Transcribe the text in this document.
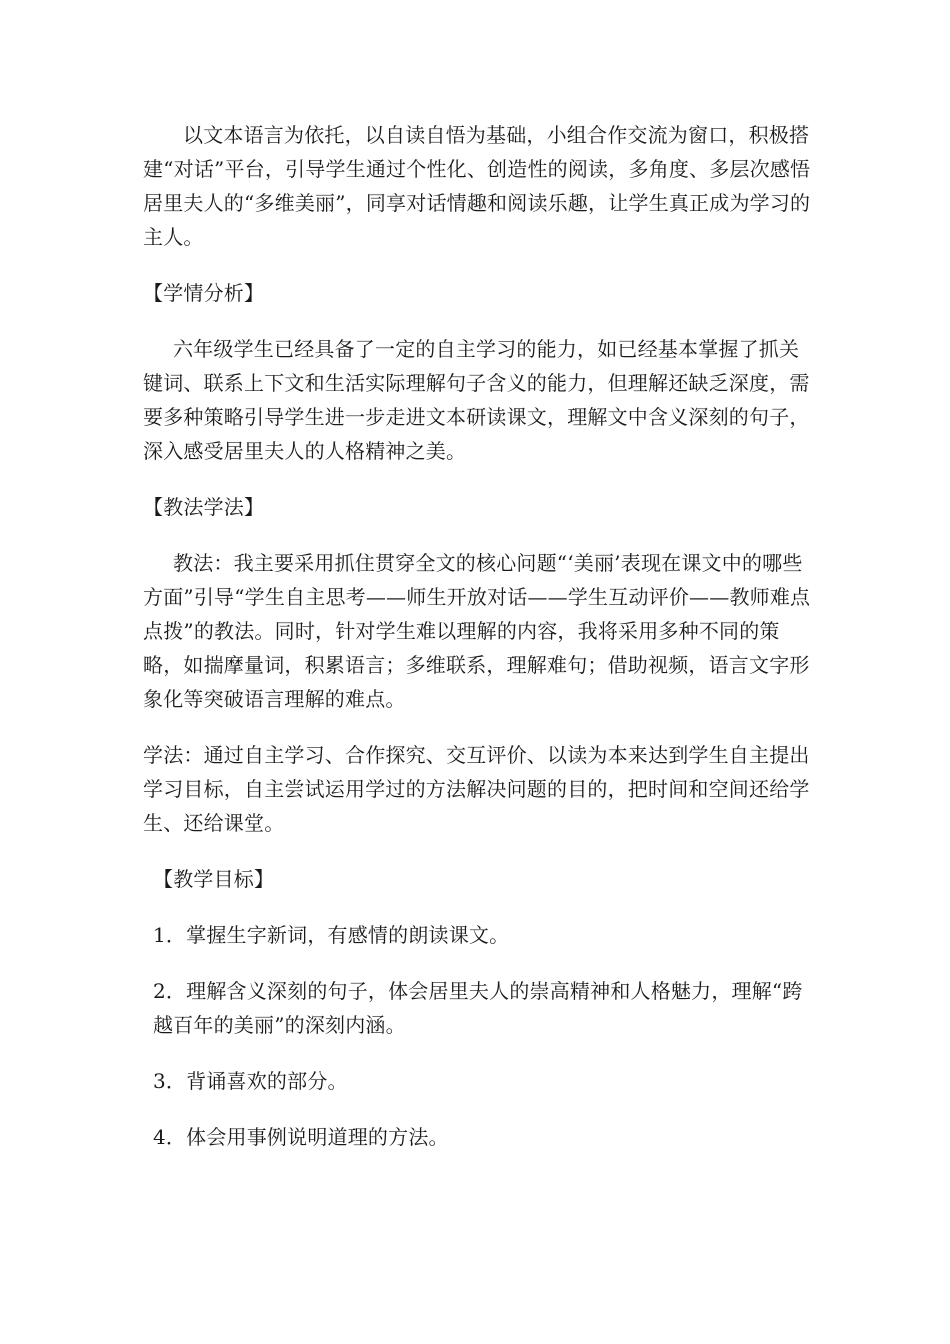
以文本语言为依托，以自读自悟为基础，小组合作交流为窗口，积极搭建“对话”平台，引导学生通过个性化、创造性的阅读，多角度、多层次感悟居里夫人的“多维美丽”，同享对话情趣和阅读乐趣，让学生真正成为学习的主人。

【学情分析】

六年级学生已经具备了一定的自主学习的能力，如已经基本掌握了抓关键词、联系上下文和生活实际理解句子含义的能力，但理解还缺乏深度，需要多种策略引导学生进一步走进文本研读课文，理解文中含义深刻的句子，深入感受居里夫人的人格精神之美。

【教法学法】

教法：我主要采用抓住贯穿全文的核心问题“‘美丽’表现在课文中的哪些方面”引导“学生自主思考——师生开放对话——学生互动评价——教师难点点拨”的教法。同时，针对学生难以理解的内容，我将采用多种不同的策略，如揣摩量词，积累语言；多维联系，理解难句；借助视频，语言文字形象化等突破语言理解的难点。

学法：通过自主学习、合作探究、交互评价、以读为本来达到学生自主提出学习目标，自主尝试运用学过的方法解决问题的目的，把时间和空间还给学生、还给课堂。

【教学目标】

1．掌握生字新词，有感情的朗读课文。

2．理解含义深刻的句子，体会居里夫人的崇高精神和人格魅力，理解“跨越百年的美丽”的深刻内涵。

3．背诵喜欢的部分。

4．体会用事例说明道理的方法。
